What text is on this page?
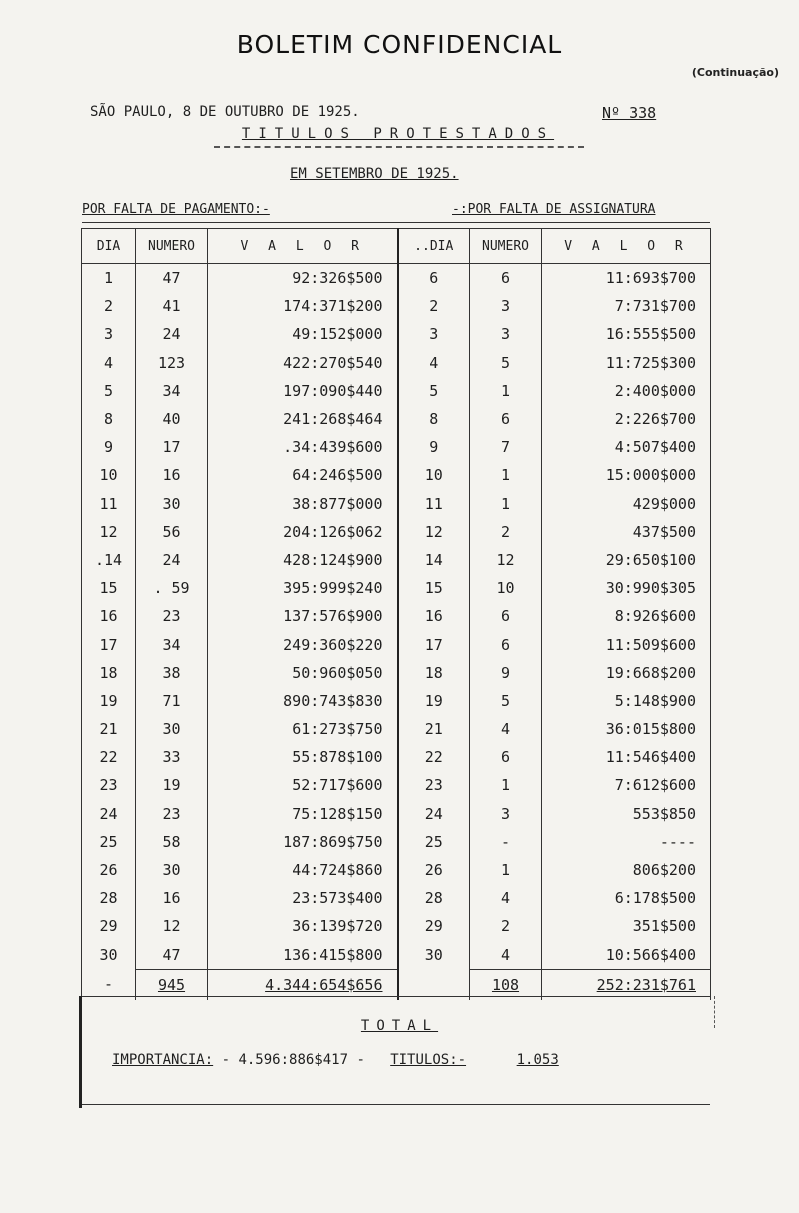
BOLETIM CONFIDENCIAL
(Continuação)
SÃO PAULO, 8 DE OUTUBRO DE 1925.	Nº 338
TITULOS PROTESTADOS
EM SETEMBRO DE 1925.
POR FALTA DE PAGAMENTO:-	-:POR FALTA DE ASSIGNATURA
DIA	NUMERO	V A L O R	..DIA	NUMERO	V A L O R
1	47	92:326$500	6	6	11:693$700
2	41	174:371$200	2	3	7:731$700
3	24	49:152$000	3	3	16:555$500
4	123	422:270$540	4	5	11:725$300
5	34	197:090$440	5	1	2:400$000
8	40	241:268$464	8	6	2:226$700
9	17	.34:439$600	9	7	4:507$400
10	16	64:246$500	10	1	15:000$000
11	30	38:877$000	11	1	429$000
12	56	204:126$062	12	2	437$500
.14	24	428:124$900	14	12	29:650$100
15	. 59	395:999$240	15	10	30:990$305
16	23	137:576$900	16	6	8:926$600
17	34	249:360$220	17	6	11:509$600
18	38	50:960$050	18	9	19:668$200
19	71	890:743$830	19	5	5:148$900
21	30	61:273$750	21	4	36:015$800
22	33	55:878$100	22	6	11:546$400
23	19	52:717$600	23	1	7:612$600
24	23	75:128$150	24	3	553$850
25	58	187:869$750	25	-	----
26	30	44:724$860	26	1	806$200
28	16	23:573$400	28	4	6:178$500
29	12	36:139$720	29	2	351$500
30	47	136:415$800	30	4	10:566$400
-	945	4.344:654$656		108	252:231$761
TOTAL
IMPORTANCIA: - 4.596:886$417 - TITULOS:-	1.053
